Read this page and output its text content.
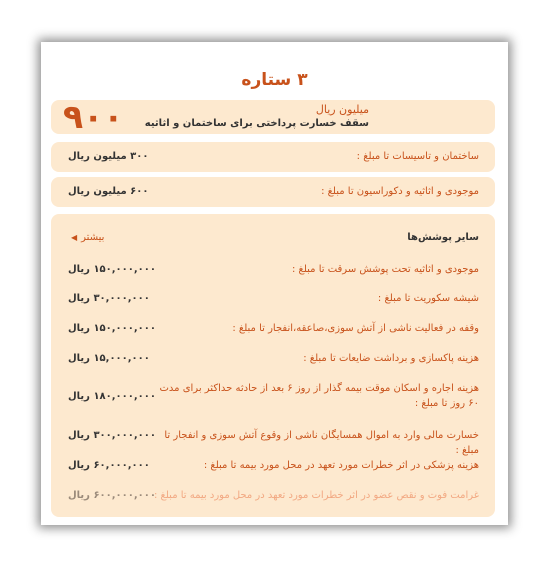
۳ ستاره
۹۰۰	میلیون ریال
سقف خسارت پرداختی برای ساختمان و اثاثیه
ساختمان و تاسیسات تا مبلغ :
۳۰۰ میلیون ریال
موجودی و اثاثیه و دکوراسیون تا مبلغ :
۶۰۰ میلیون ریال
سایر پوشش‌ها
بیشتر◀
موجودی و اثاثیه تحت پوشش سرقت تا مبلغ :
۱۵۰,۰۰۰,۰۰۰ ریال
شیشه سکوریت تا مبلغ :
۳۰,۰۰۰,۰۰۰ ریال
وقفه در فعالیت ناشی از آتش سوزی،صاعقه،انفجار تا مبلغ :
۱۵۰,۰۰۰,۰۰۰ ریال
هزینه پاکسازی و برداشت ضایعات تا مبلغ :
۱۵,۰۰۰,۰۰۰ ریال
هزینه اجاره و اسکان موقت بیمه گذار از روز ۶ بعد از حادثه حداکثر برای مدت ۶۰ روز تا مبلغ :
۱۸۰,۰۰۰,۰۰۰ ریال
خسارت مالی وارد به اموال همسایگان ناشی از وقوع آتش سوزی و انفجار تا مبلغ :
۳۰۰,۰۰۰,۰۰۰ ریال
هزینه پزشکی در اثر خطرات مورد تعهد در محل مورد بیمه تا مبلغ :
۶۰,۰۰۰,۰۰۰ ریال
غرامت فوت و نقص عضو در اثر خطرات مورد تعهد در محل مورد بیمه تا مبلغ :
۶۰۰,۰۰۰,۰۰۰ ریال
